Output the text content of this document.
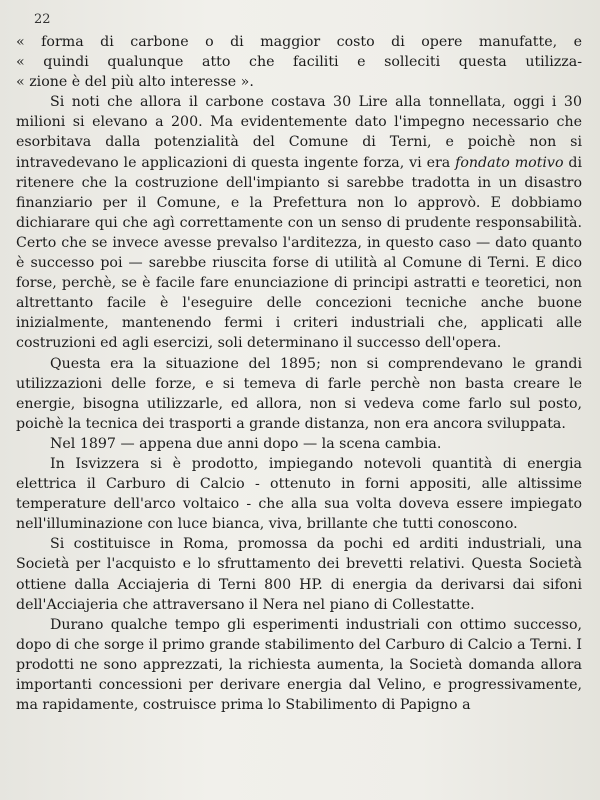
22

« forma di carbone o di maggior costo di opere manufatte, e
« quindi qualunque atto che faciliti e solleciti questa utilizza-
« zione è del più alto interesse ».

Si noti che allora il carbone costava 30 Lire alla tonnellata, oggi i 30 milioni si elevano a 200. Ma evidentemente dato l'impegno necessario che esorbitava dalla potenzialità del Comune di Terni, e poichè non si intravedevano le applicazioni di questa ingente forza, vi era fondato motivo di ritenere che la costruzione dell'impianto si sarebbe tradotta in un disastro finanziario per il Comune, e la Prefettura non lo approvò. E dobbiamo dichiarare qui che agì correttamente con un senso di prudente responsabilità. Certo che se invece avesse prevalso l'arditezza, in questo caso — dato quanto è successo poi — sarebbe riuscita forse di utilità al Comune di Terni. E dico forse, perchè, se è facile fare enunciazione di principi astratti e teoretici, non altrettanto facile è l'eseguire delle concezioni tecniche anche buone inizialmente, mantenendo fermi i criteri industriali che, applicati alle costruzioni ed agli esercizi, soli determinano il successo dell'opera.

Questa era la situazione del 1895; non si comprendevano le grandi utilizzazioni delle forze, e si temeva di farle perchè non basta creare le energie, bisogna utilizzarle, ed allora, non si vedeva come farlo sul posto, poichè la tecnica dei trasporti a grande distanza, non era ancora sviluppata.

Nel 1897 — appena due anni dopo — la scena cambia.

In Isvizzera si è prodotto, impiegando notevoli quantità di energia elettrica il Carburo di Calcio - ottenuto in forni appositi, alle altissime temperature dell'arco voltaico - che alla sua volta doveva essere impiegato nell'illuminazione con luce bianca, viva, brillante che tutti conoscono.

Si costituisce in Roma, promossa da pochi ed arditi industriali, una Società per l'acquisto e lo sfruttamento dei brevetti relativi. Questa Società ottiene dalla Acciajeria di Terni 800 HP. di energia da derivarsi dai sifoni dell'Acciajeria che attraversano il Nera nel piano di Collestatte.

Durano qualche tempo gli esperimenti industriali con ottimo successo, dopo di che sorge il primo grande stabilimento del Carburo di Calcio a Terni. I prodotti ne sono apprezzati, la richiesta aumenta, la Società domanda allora importanti concessioni per derivare energia dal Velino, e progressivamente, ma rapidamente, costruisce prima lo Stabilimento di Papigno a
